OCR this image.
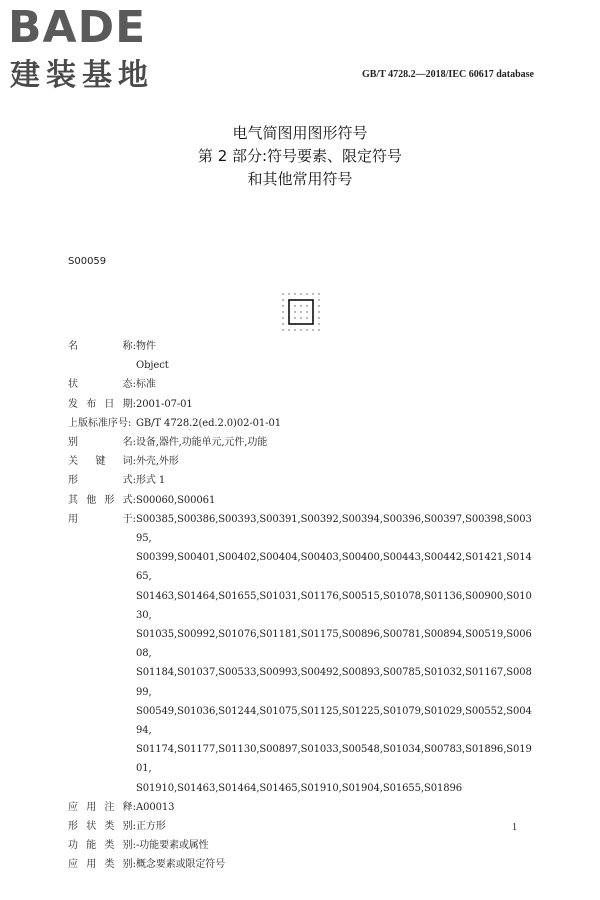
BADE
建装基地	GB/T 4728.2—2018/IEC 60617 database
电气简图用图形符号
第 2 部分:符号要素、限定符号
和其他常用符号
S00059
名	称: 物件
Object
状	态: 标准
发 布 日 期: 2001-07-01
上版标准序号: GB/T 4728.2(ed.2.0)02-01-01
别	名: 设备,器件,功能单元,元件,功能
关 键 词: 外壳,外形
形	式: 形式 1
其 他 形 式: S00060,S00061
用	于: S00385,S00386,S00393,S00391,S00392,S00394,S00396,S00397,S00398,S00395,
S00399,S00401,S00402,S00404,S00403,S00400,S00443,S00442,S01421,S01465,
S01463,S01464,S01655,S01031,S01176,S00515,S01078,S01136,S00900,S01030,
S01035,S00992,S01076,S01181,S01175,S00896,S00781,S00894,S00519,S00608,
S01184,S01037,S00533,S00993,S00492,S00893,S00785,S01032,S01167,S00899,
S00549,S01036,S01244,S01075,S01125,S01225,S01079,S01029,S00552,S00494,
S01174,S01177,S01130,S00897,S01033,S00548,S01034,S00783,S01896,S01901,
S01910,S01463,S01464,S01465,S01910,S01904,S01655,S01896
应 用 注 释: A00013
形 状 类 别: 正方形
功 能 类 别: -功能要素或属性
应 用 类 别: 概念要素或限定符号
1
